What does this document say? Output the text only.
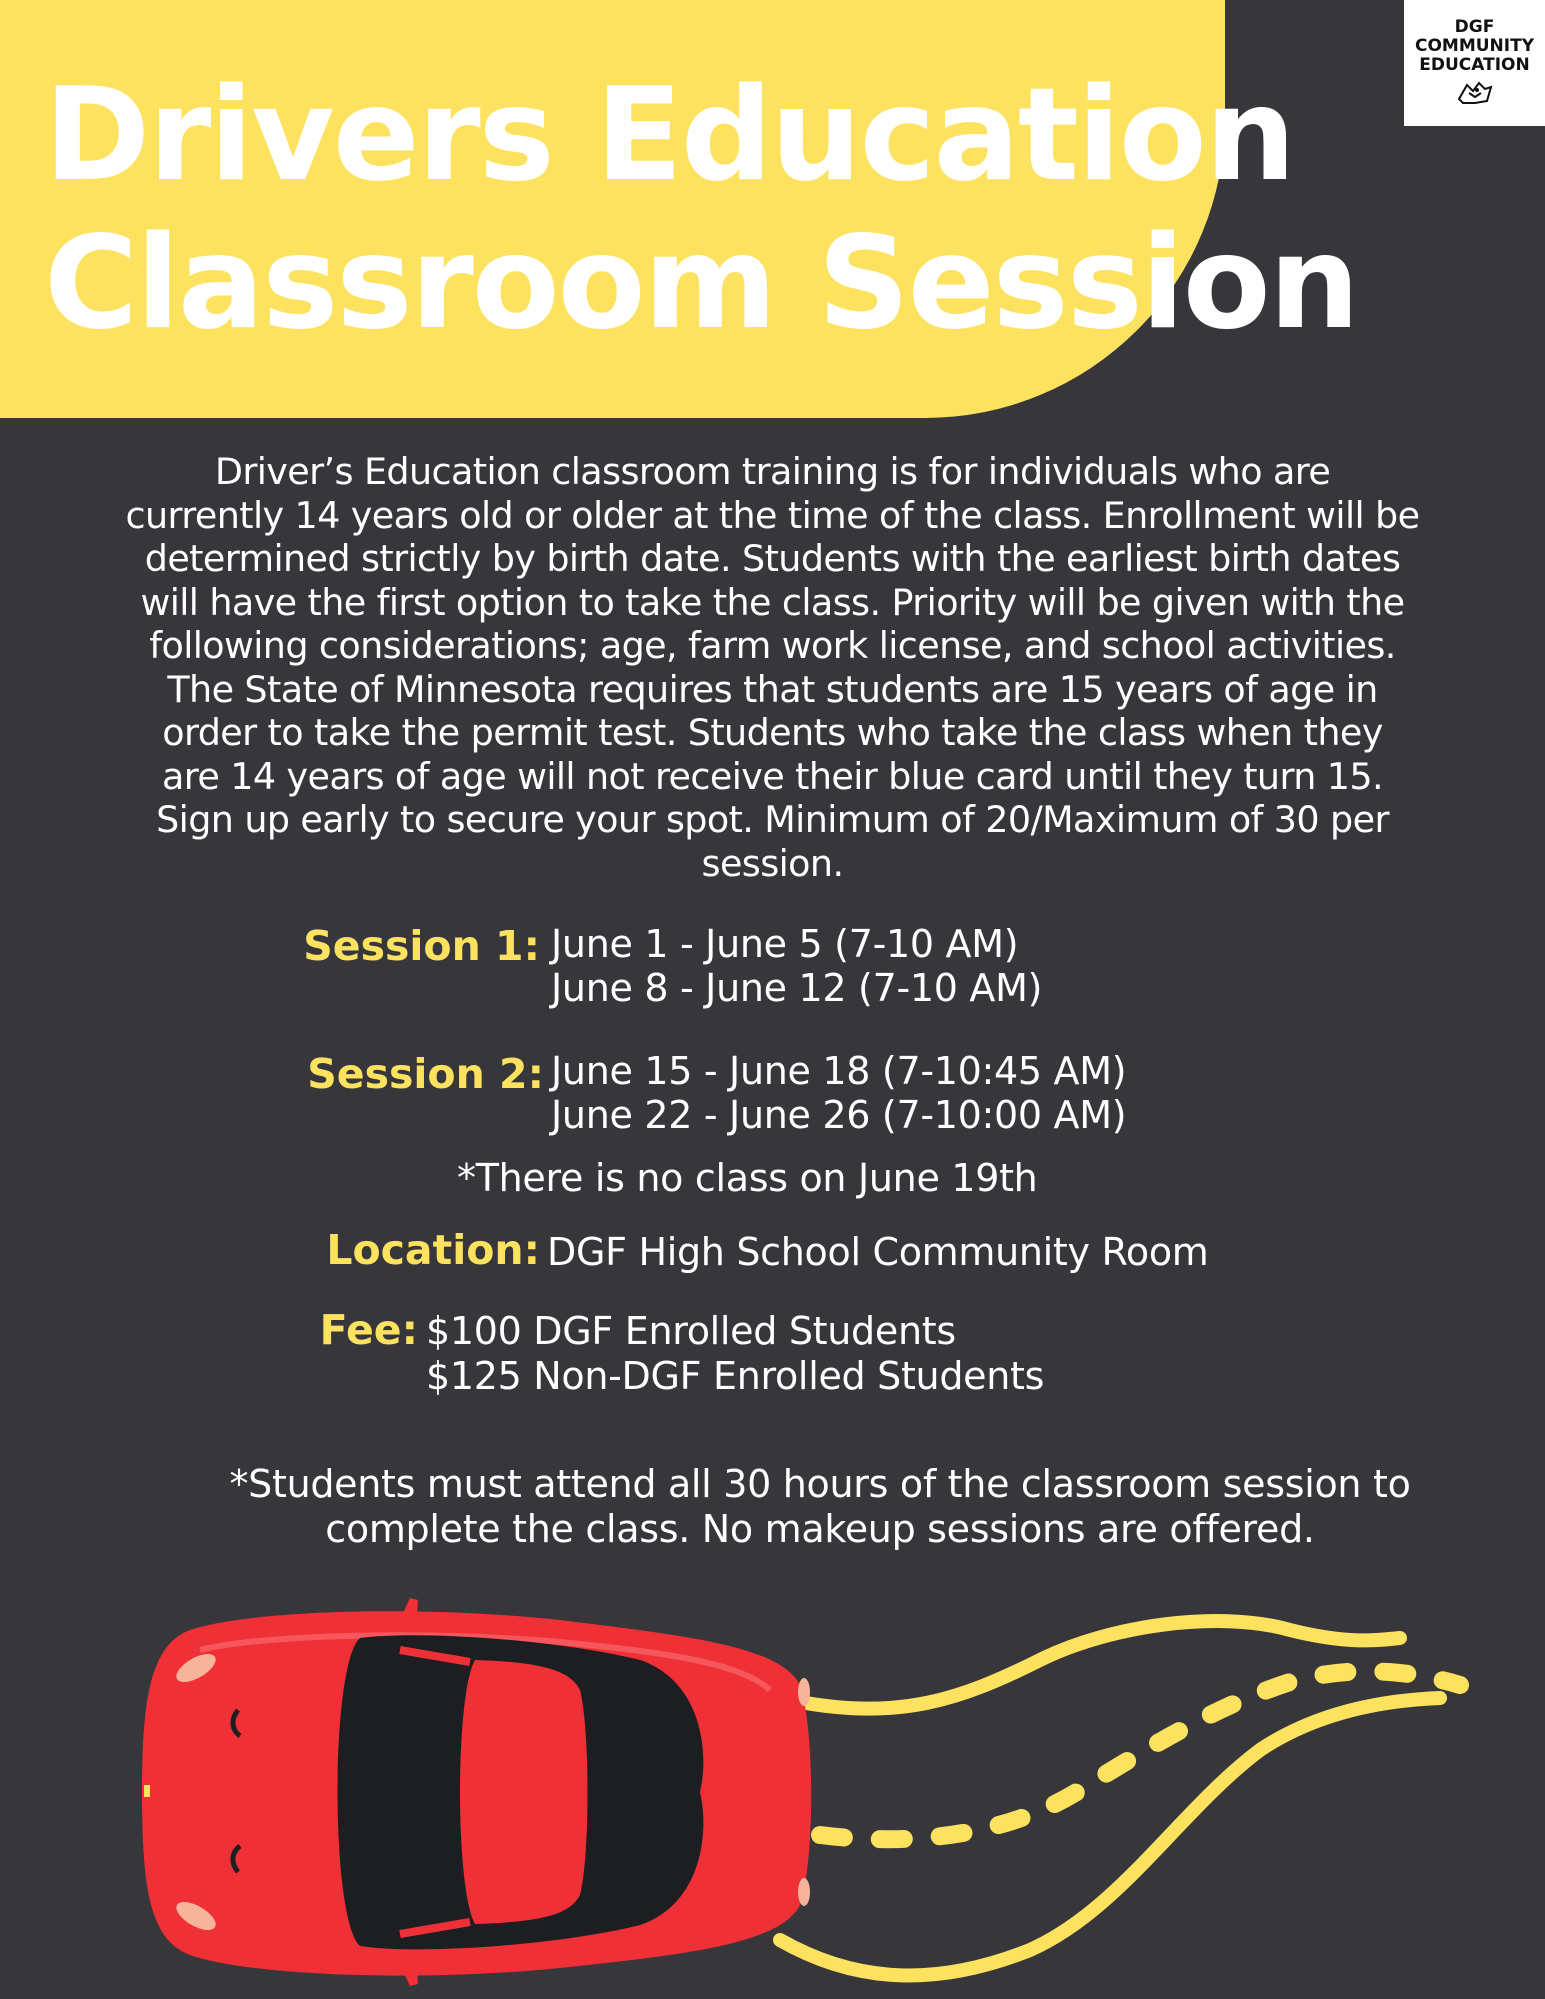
Drivers Education
Classroom Session
DGF
COMMUNITY
EDUCATION
Driver’s Education classroom training is for individuals who are
currently 14 years old or older at the time of the class. Enrollment will be
determined strictly by birth date. Students with the earliest birth dates
will have the first option to take the class. Priority will be given with the
following considerations; age, farm work license, and school activities.
The State of Minnesota requires that students are 15 years of age in
order to take the permit test. Students who take the class when they
are 14 years of age will not receive their blue card until they turn 15.
Sign up early to secure your spot. Minimum of 20/Maximum of 30 per
session.
Session 1: June 1 - June 5 (7-10 AM)
June 8 - June 12 (7-10 AM)
Session 2: June 15 - June 18 (7-10:45 AM)
June 22 - June 26 (7-10:00 AM)
*There is no class on June 19th
Location: DGF High School Community Room
Fee: $100 DGF Enrolled Students
$125 Non-DGF Enrolled Students
*Students must attend all 30 hours of the classroom session to
complete the class. No makeup sessions are offered.
